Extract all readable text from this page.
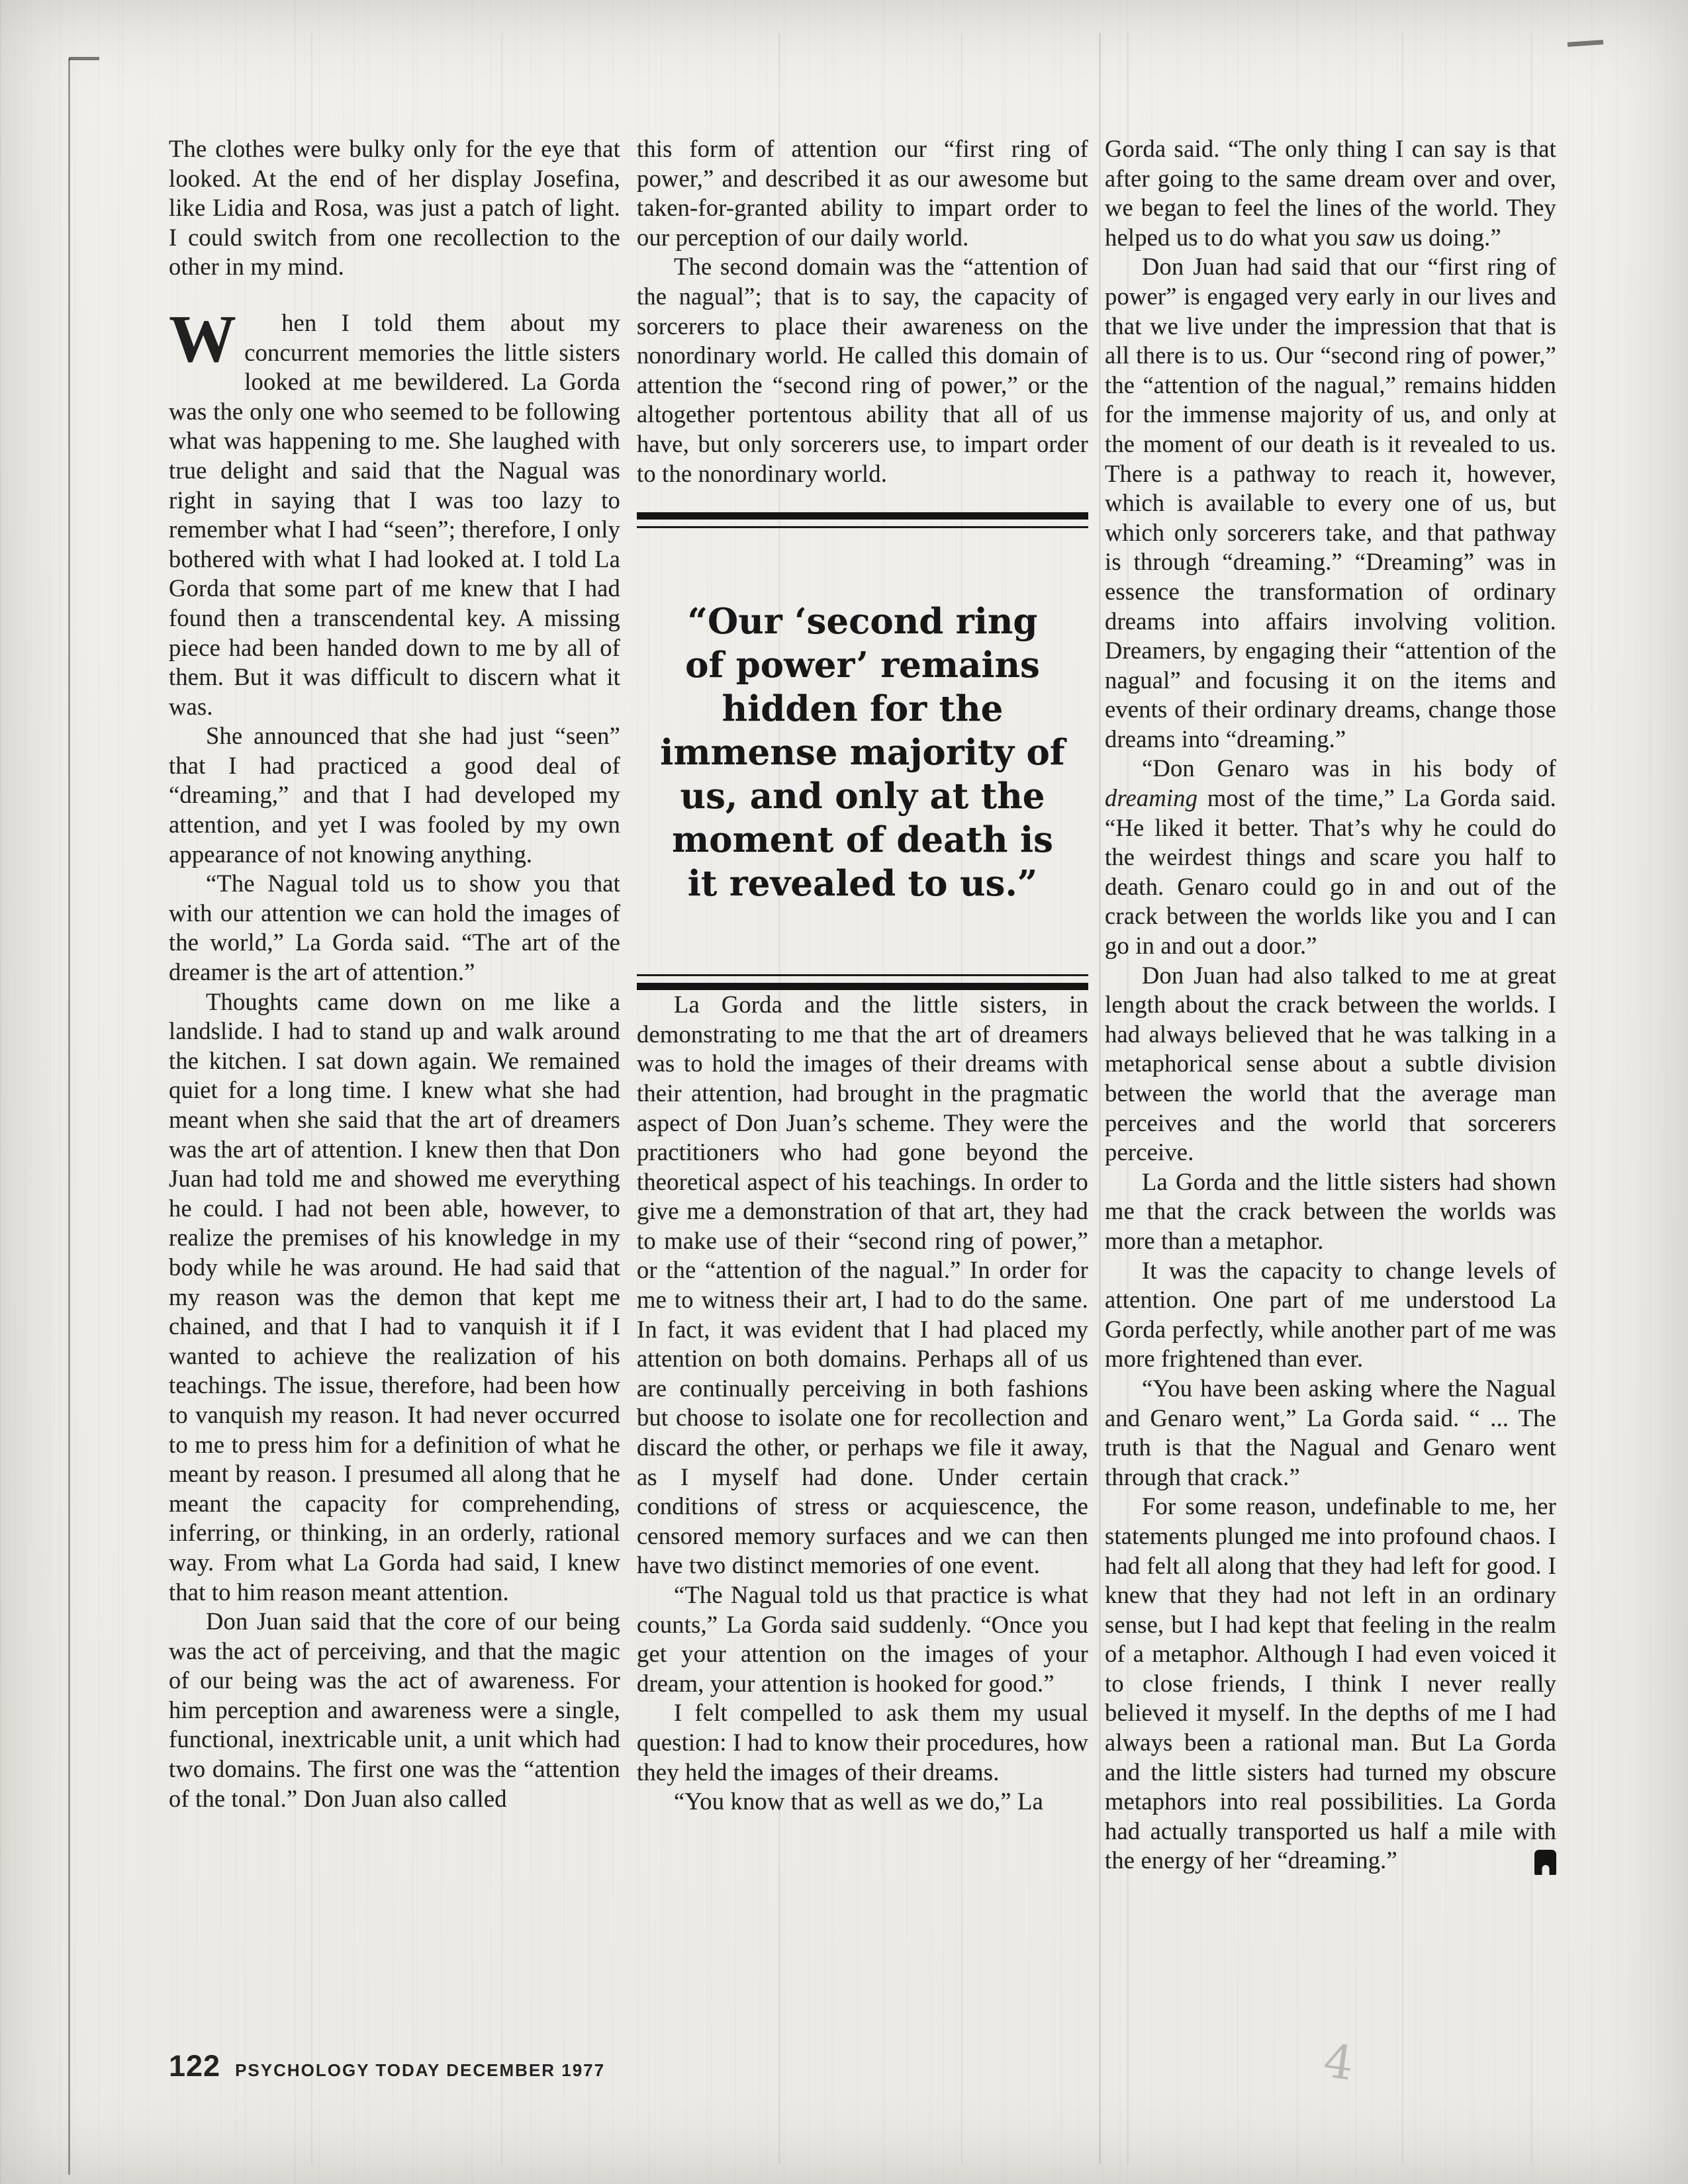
The clothes were bulky only for the eye that looked. At the end of her display Josefina, like Lidia and Rosa, was just a patch of light. I could switch from one recollection to the other in my mind.

W	hen I told them about my concurrent memories the little sisters looked at me bewildered. La Gorda was the only one who seemed to be following what was happening to me. She laughed with true delight and said that the Nagual was right in saying that I was too lazy to remember what I had “seen”; therefore, I only bothered with what I had looked at. I told La Gorda that some part of me knew that I had found then a transcendental key. A missing piece had been handed down to me by all of them. But it was difficult to discern what it was.

She announced that she had just “seen” that I had practiced a good deal of “dreaming,” and that I had developed my attention, and yet I was fooled by my own appearance of not knowing anything.

“The Nagual told us to show you that with our attention we can hold the images of the world,” La Gorda said. “The art of the dreamer is the art of attention.”

Thoughts came down on me like a landslide. I had to stand up and walk around the kitchen. I sat down again. We remained quiet for a long time. I knew what she had meant when she said that the art of dreamers was the art of attention. I knew then that Don Juan had told me and showed me everything he could. I had not been able, however, to realize the premises of his knowledge in my body while he was around. He had said that my reason was the demon that kept me chained, and that I had to vanquish it if I wanted to achieve the realization of his teachings. The issue, therefore, had been how to vanquish my reason. It had never occurred to me to press him for a definition of what he meant by reason. I presumed all along that he meant the capacity for comprehending, inferring, or thinking, in an orderly, rational way. From what La Gorda had said, I knew that to him reason meant attention.

Don Juan said that the core of our being was the act of perceiving, and that the magic of our being was the act of awareness. For him perception and awareness were a single, functional, inextricable unit, a unit which had two domains. The first one was the “attention of the tonal.” Don Juan also called

this form of attention our “first ring of power,” and described it as our awesome but taken-for-granted ability to impart order to our perception of our daily world.

The second domain was the “attention of the nagual”; that is to say, the capacity of sorcerers to place their awareness on the nonordinary world. He called this domain of attention the “second ring of power,” or the altogether portentous ability that all of us have, but only sorcerers use, to impart order to the nonordinary world.

“Our ‘second ring
of power’ remains
hidden for the
immense majority of
us, and only at the
moment of death is
it revealed to us.”

La Gorda and the little sisters, in demonstrating to me that the art of dreamers was to hold the images of their dreams with their attention, had brought in the pragmatic aspect of Don Juan’s scheme. They were the practitioners who had gone beyond the theoretical aspect of his teachings. In order to give me a demonstration of that art, they had to make use of their “second ring of power,” or the “attention of the nagual.” In order for me to witness their art, I had to do the same. In fact, it was evident that I had placed my attention on both domains. Perhaps all of us are continually perceiving in both fashions but choose to isolate one for recollection and discard the other, or perhaps we file it away, as I myself had done. Under certain conditions of stress or acquiescence, the censored memory surfaces and we can then have two distinct memories of one event.

“The Nagual told us that practice is what counts,” La Gorda said suddenly. “Once you get your attention on the images of your dream, your attention is hooked for good.”

I felt compelled to ask them my usual question: I had to know their procedures, how they held the images of their dreams.

“You know that as well as we do,” La

Gorda said. “The only thing I can say is that after going to the same dream over and over, we began to feel the lines of the world. They helped us to do what you saw us doing.”

Don Juan had said that our “first ring of power” is engaged very early in our lives and that we live under the impression that that is all there is to us. Our “second ring of power,” the “attention of the nagual,” remains hidden for the immense majority of us, and only at the moment of our death is it revealed to us. There is a pathway to reach it, however, which is available to every one of us, but which only sorcerers take, and that pathway is through “dreaming.” “Dreaming” was in essence the transformation of ordinary dreams into affairs involving volition. Dreamers, by engaging their “attention of the nagual” and focusing it on the items and events of their ordinary dreams, change those dreams into “dreaming.”

“Don Genaro was in his body of dreaming most of the time,” La Gorda said. “He liked it better. That’s why he could do the weirdest things and scare you half to death. Genaro could go in and out of the crack between the worlds like you and I can go in and out a door.”

Don Juan had also talked to me at great length about the crack between the worlds. I had always believed that he was talking in a metaphorical sense about a subtle division between the world that the average man perceives and the world that sorcerers perceive.

La Gorda and the little sisters had shown me that the crack between the worlds was more than a metaphor.

It was the capacity to change levels of attention. One part of me understood La Gorda perfectly, while another part of me was more frightened than ever.

“You have been asking where the Nagual and Genaro went,” La Gorda said. “ ... The truth is that the Nagual and Genaro went through that crack.”

For some reason, undefinable to me, her statements plunged me into profound chaos. I had felt all along that they had left for good. I knew that they had not left in an ordinary sense, but I had kept that feeling in the realm of a metaphor. Although I had even voiced it to close friends, I think I never really believed it myself. In the depths of me I had always been a rational man. But La Gorda and the little sisters had turned my obscure metaphors into real possibilities. La Gorda had actually transported us half a mile with the energy of her “dreaming.”

122 PSYCHOLOGY TODAY DECEMBER 1977	4
